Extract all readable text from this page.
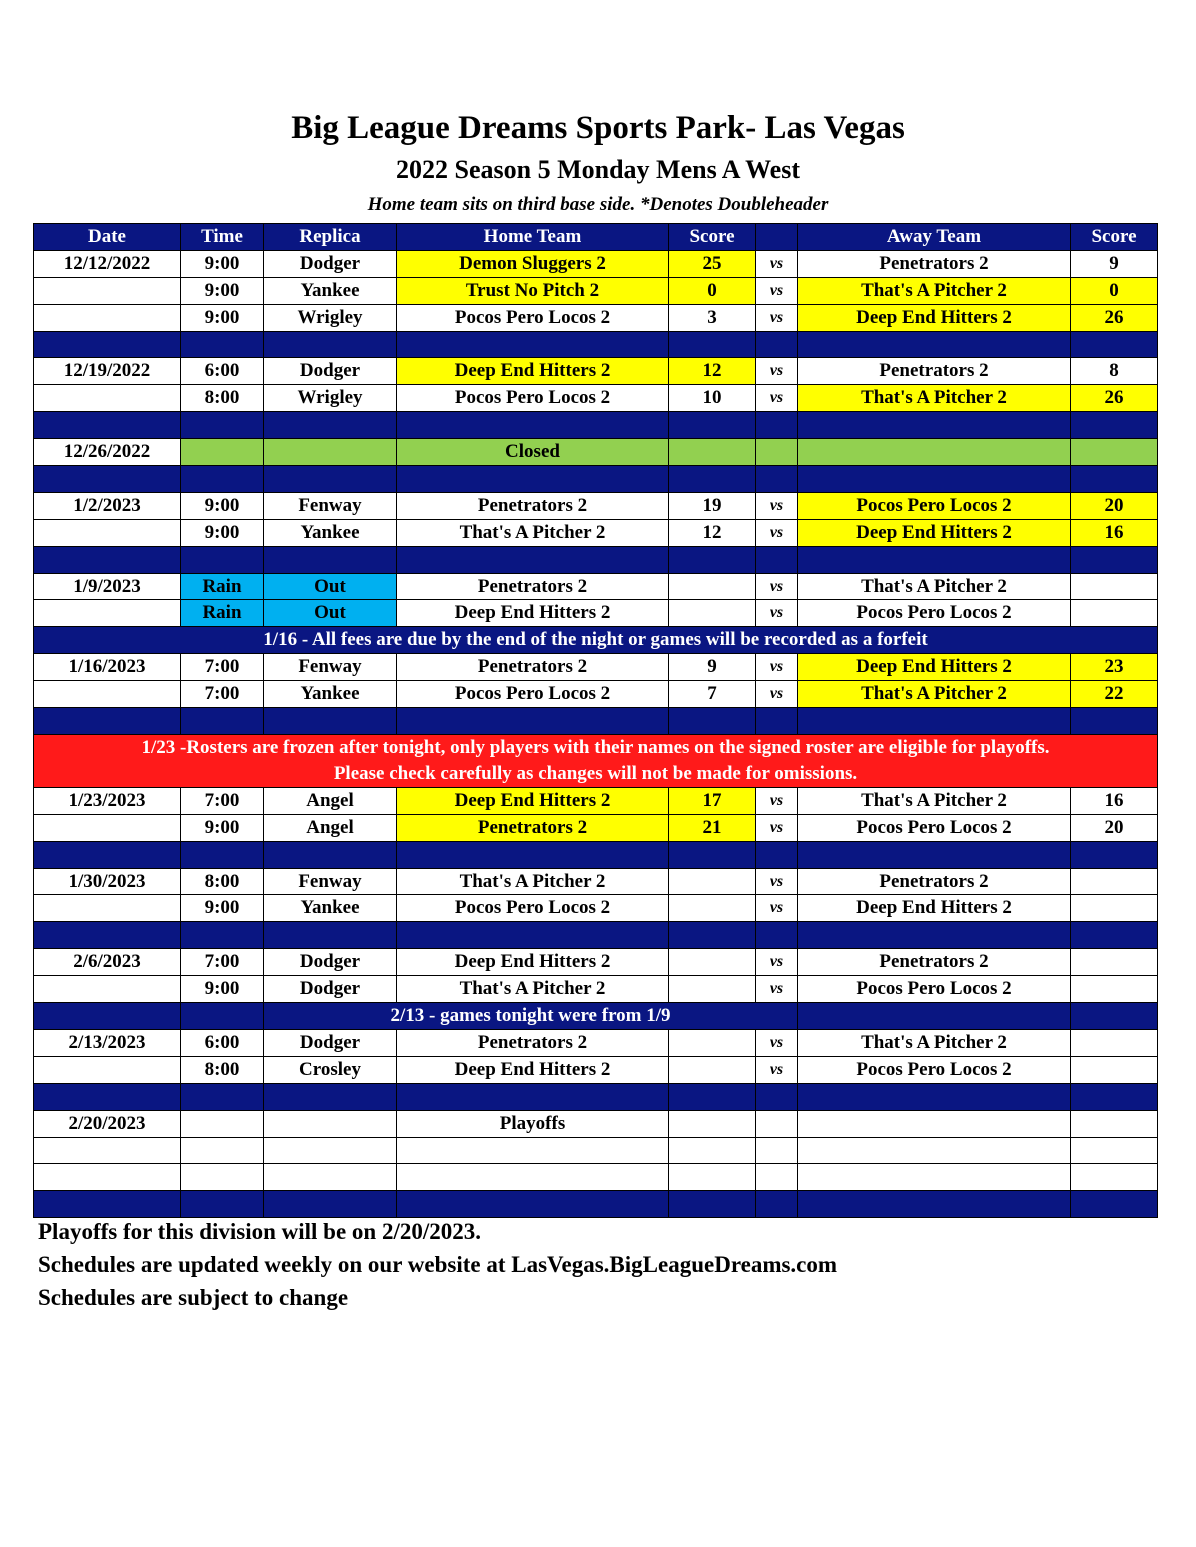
Big League Dreams Sports Park- Las Vegas
2022 Season 5 Monday Mens A West
Home team sits on third base side. *Denotes Doubleheader
Date	Time	Replica	Home Team	Score		Away Team	Score
12/12/2022	9:00	Dodger	Demon Sluggers 2	25	vs	Penetrators 2	9
	9:00	Yankee	Trust No Pitch 2	0	vs	That's A Pitcher 2	0
	9:00	Wrigley	Pocos Pero Locos 2	3	vs	Deep End Hitters 2	26

12/19/2022	6:00	Dodger	Deep End Hitters 2	12	vs	Penetrators 2	8
	8:00	Wrigley	Pocos Pero Locos 2	10	vs	That's A Pitcher 2	26

12/26/2022			Closed				

1/2/2023	9:00	Fenway	Penetrators 2	19	vs	Pocos Pero Locos 2	20
	9:00	Yankee	That's A Pitcher 2	12	vs	Deep End Hitters 2	16

1/9/2023	Rain	Out	Penetrators 2		vs	That's A Pitcher 2	
	Rain	Out	Deep End Hitters 2		vs	Pocos Pero Locos 2	
1/16 - All fees are due by the end of the night or games will be recorded as a forfeit							
1/16/2023	7:00	Fenway	Penetrators 2	9	vs	Deep End Hitters 2	23
	7:00	Yankee	Pocos Pero Locos 2	7	vs	That's A Pitcher 2	22

1/23 -Rosters are frozen after tonight, only players with their names on the signed roster are eligible for playoffs.
Please check carefully as changes will not be made for omissions.							

1/23/2023	7:00	Angel	Deep End Hitters 2	17	vs	That's A Pitcher 2	16
	9:00	Angel	Penetrators 2	21	vs	Pocos Pero Locos 2	20

1/30/2023	8:00	Fenway	That's A Pitcher 2		vs	Penetrators 2	
	9:00	Yankee	Pocos Pero Locos 2		vs	Deep End Hitters 2	

2/6/2023	7:00	Dodger	Deep End Hitters 2		vs	Penetrators 2	
	9:00	Dodger	That's A Pitcher 2		vs	Pocos Pero Locos 2	
		2/13 - games tonight were from 1/9					
2/13/2023	6:00	Dodger	Penetrators 2		vs	That's A Pitcher 2	
	8:00	Crosley	Deep End Hitters 2		vs	Pocos Pero Locos 2	

2/20/2023			Playoffs				

Playoffs for this division will be on 2/20/2023.
Schedules are updated weekly on our website at LasVegas.BigLeagueDreams.com
Schedules are subject to change
